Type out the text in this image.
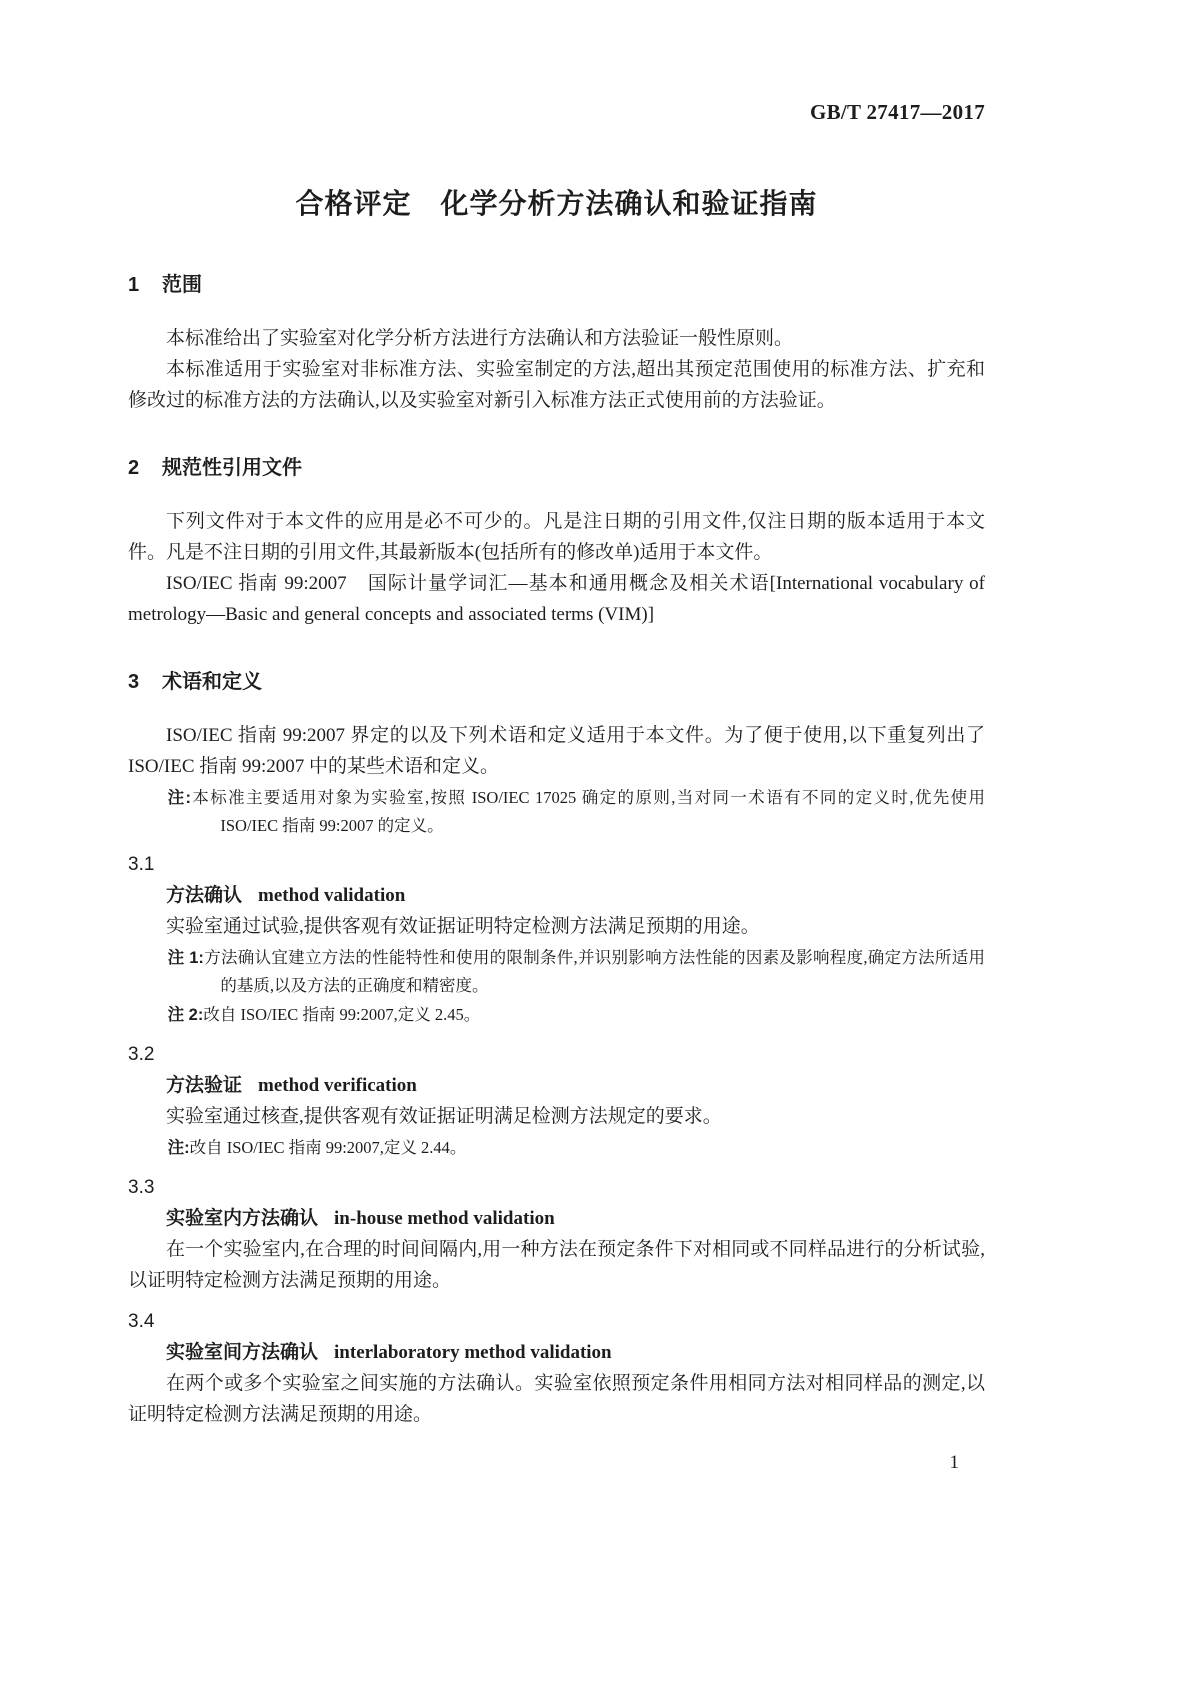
GB/T 27417—2017
合格评定　化学分析方法确认和验证指南
1 范围

本标准给出了实验室对化学分析方法进行方法确认和方法验证一般性原则。

本标准适用于实验室对非标准方法、实验室制定的方法,超出其预定范围使用的标准方法、扩充和修改过的标准方法的方法确认,以及实验室对新引入标准方法正式使用前的方法验证。

2 规范性引用文件

下列文件对于本文件的应用是必不可少的。凡是注日期的引用文件,仅注日期的版本适用于本文件。凡是不注日期的引用文件,其最新版本(包括所有的修改单)适用于本文件。

ISO/IEC 指南 99:2007　国际计量学词汇—基本和通用概念及相关术语[International vocabulary of metrology—Basic and general concepts and associated terms (VIM)]

3 术语和定义

ISO/IEC 指南 99:2007 界定的以及下列术语和定义适用于本文件。为了便于使用,以下重复列出了 ISO/IEC 指南 99:2007 中的某些术语和定义。

注:本标准主要适用对象为实验室,按照 ISO/IEC 17025 确定的原则,当对同一术语有不同的定义时,优先使用 ISO/IEC 指南 99:2007 的定义。

3.1

方法确认 method validation

实验室通过试验,提供客观有效证据证明特定检测方法满足预期的用途。

注 1:方法确认宜建立方法的性能特性和使用的限制条件,并识别影响方法性能的因素及影响程度,确定方法所适用的基质,以及方法的正确度和精密度。

注 2:改自 ISO/IEC 指南 99:2007,定义 2.45。

3.2

方法验证 method verification

实验室通过核查,提供客观有效证据证明满足检测方法规定的要求。

注:改自 ISO/IEC 指南 99:2007,定义 2.44。

3.3

实验室内方法确认 in-house method validation

在一个实验室内,在合理的时间间隔内,用一种方法在预定条件下对相同或不同样品进行的分析试验,以证明特定检测方法满足预期的用途。

3.4

实验室间方法确认 interlaboratory method validation

在两个或多个实验室之间实施的方法确认。实验室依照预定条件用相同方法对相同样品的测定,以证明特定检测方法满足预期的用途。

1
